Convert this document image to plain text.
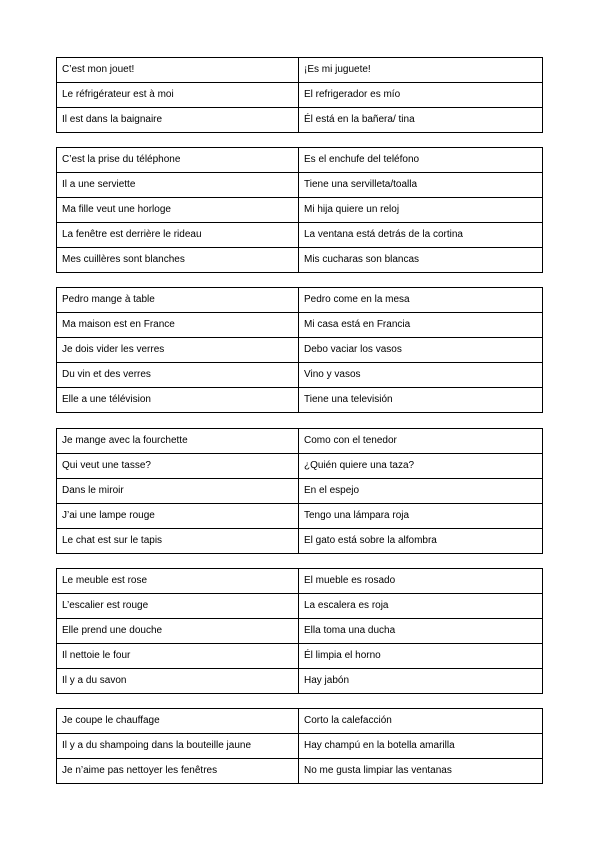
C’est mon jouet!	¡Es mi juguete!
Le réfrigérateur est à moi	El refrigerador es mío
Il est dans la baignaire	Él está en la bañera/ tina
C’est la prise du téléphone	Es el enchufe del teléfono
Il a une serviette	Tiene una servilleta/toalla
Ma fille veut une horloge	Mi hija quiere un reloj
La fenêtre est derrière le rideau	La ventana está detrás de la cortina
Mes cuillères sont blanches	Mis cucharas son blancas
Pedro mange à table	Pedro come en la mesa
Ma maison est en France	Mi casa está en Francia
Je dois vider les verres	Debo vaciar los vasos
Du vin et des verres	Vino y vasos
Elle a une télévision	Tiene una televisión
Je mange avec la fourchette	Como con el tenedor
Qui veut une tasse?	¿Quién quiere una taza?
Dans le miroir	En el espejo
J’ai une lampe rouge	Tengo una lámpara roja
Le chat est sur le tapis	El gato está sobre la alfombra
Le meuble est rose	El mueble es rosado
L’escalier est rouge	La escalera es roja
Elle prend une douche	Ella toma una ducha
Il nettoie le four	Él limpia el horno
Il y a du savon	Hay jabón
Je coupe le chauffage	Corto la calefacción
Il y a du shampoing dans la bouteille jaune	Hay champú en la botella amarilla
Je n’aime pas nettoyer les fenêtres	No me gusta limpiar las ventanas
